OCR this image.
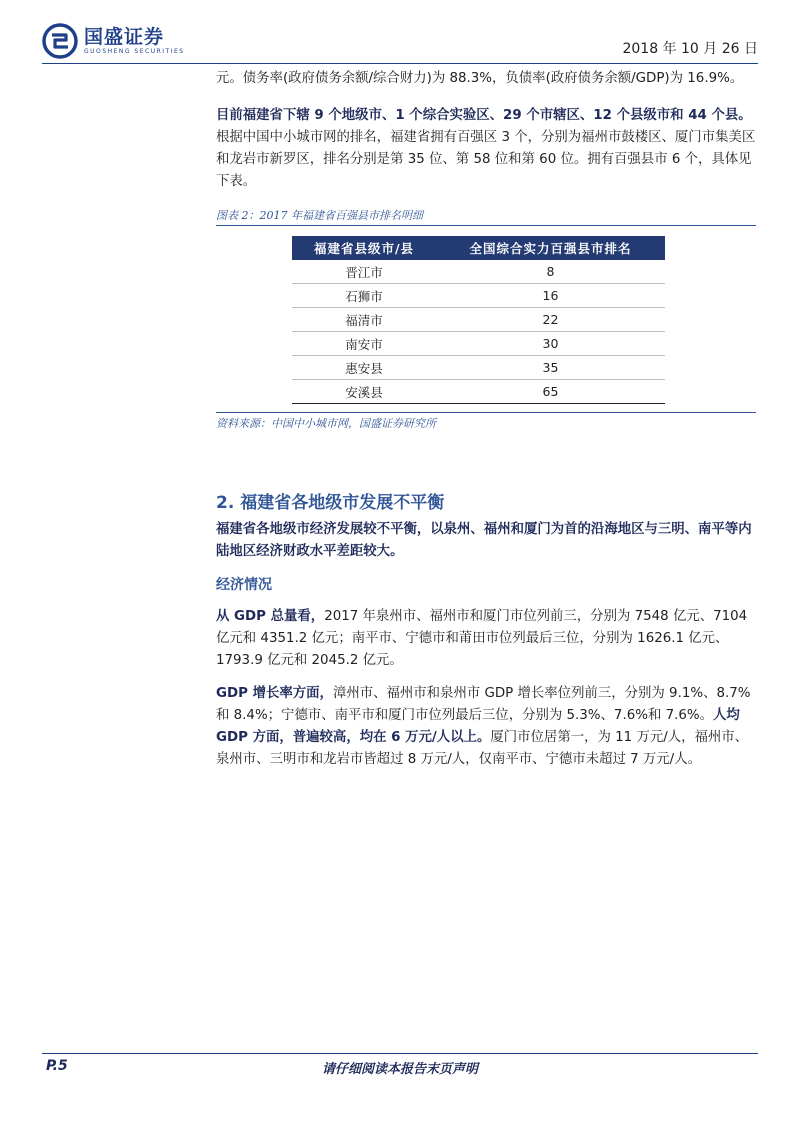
国盛证券
GUOSHENG SECURITIES	2018 年 10 月 26 日

元。债务率(政府债务余额/综合财力)为 88.3%，负债率(政府债务余额/GDP)为 16.9%。

目前福建省下辖 9 个地级市、1 个综合实验区、29 个市辖区、12 个县级市和 44 个县。根据中国中小城市网的排名，福建省拥有百强区 3 个，分别为福州市鼓楼区、厦门市集美区和龙岩市新罗区，排名分别是第 35 位、第 58 位和第 60 位。拥有百强县市 6 个，具体见下表。

图表 2：2017 年福建省百强县市排名明细
福建省县级市/县	全国综合实力百强县市排名
晋江市	8
石狮市	16
福清市	22
南安市	30
惠安县	35
安溪县	65
资料来源：中国中小城市网，国盛证券研究所
2. 福建省各地级市发展不平衡

福建省各地级市经济发展较不平衡，以泉州、福州和厦门为首的沿海地区与三明、南平等内陆地区经济财政水平差距较大。

经济情况

从 GDP 总量看，2017 年泉州市、福州市和厦门市位列前三，分别为 7548 亿元、7104 亿元和 4351.2 亿元；南平市、宁德市和莆田市位列最后三位，分别为 1626.1 亿元、1793.9 亿元和 2045.2 亿元。

GDP 增长率方面，漳州市、福州市和泉州市 GDP 增长率位列前三，分别为 9.1%、8.7% 和 8.4%；宁德市、南平市和厦门市位列最后三位，分别为 5.3%、7.6%和 7.6%。人均 GDP 方面，普遍较高，均在 6 万元/人以上。厦门市位居第一，为 11 万元/人，福州市、泉州市、三明市和龙岩市皆超过 8 万元/人，仅南平市、宁德市未超过 7 万元/人。

请仔细阅读本报告末页声明
P.5
